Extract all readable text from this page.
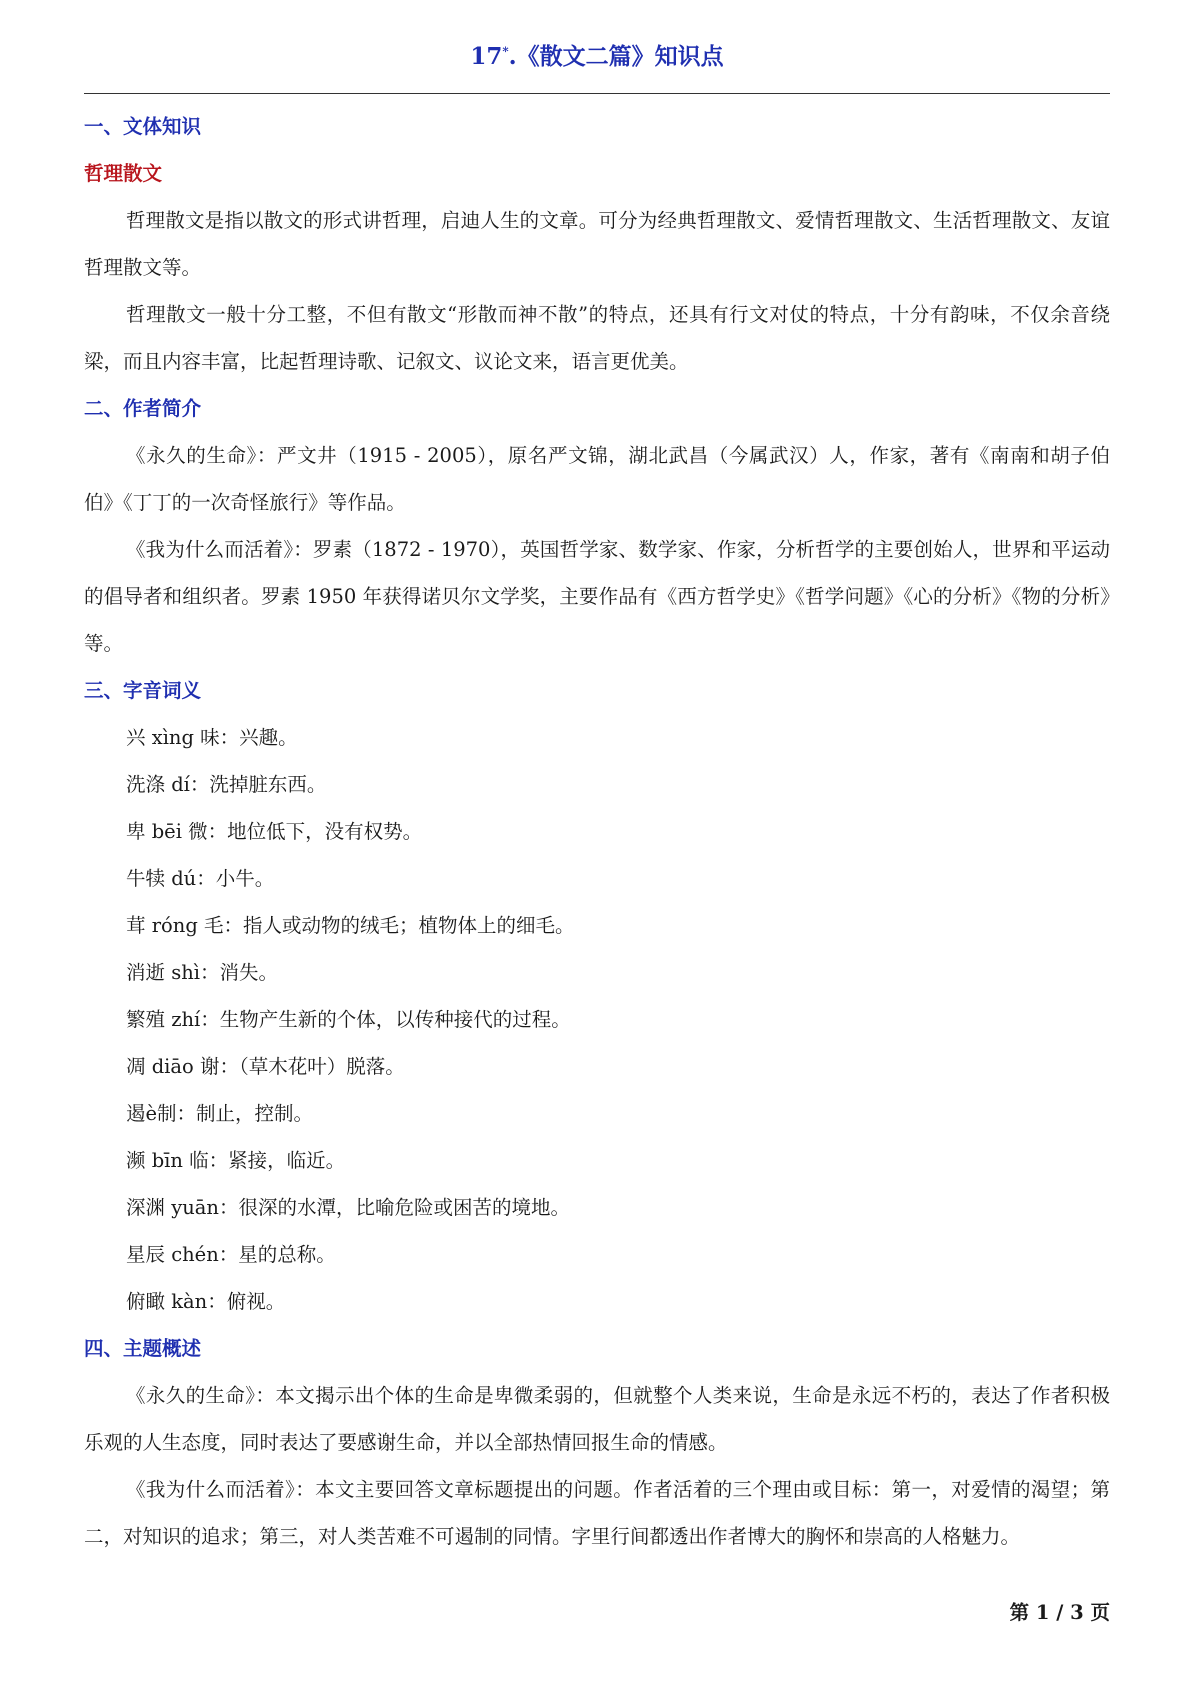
17*.《散文二篇》知识点
一、文体知识
哲理散文
哲理散文是指以散文的形式讲哲理，启迪人生的文章。可分为经典哲理散文、爱情哲理散文、生活哲理散文、友谊哲理散文等。
哲理散文一般十分工整，不但有散文“形散而神不散”的特点，还具有行文对仗的特点，十分有韵味，不仅余音绕梁，而且内容丰富，比起哲理诗歌、记叙文、议论文来，语言更优美。
二、作者简介
《永久的生命》：严文井（1915 - 2005），原名严文锦，湖北武昌（今属武汉）人，作家，著有《南南和胡子伯伯》《丁丁的一次奇怪旅行》等作品。
《我为什么而活着》：罗素（1872 - 1970），英国哲学家、数学家、作家，分析哲学的主要创始人，世界和平运动的倡导者和组织者。罗素 1950 年获得诺贝尔文学奖，主要作品有《西方哲学史》《哲学问题》《心的分析》《物的分析》等。
三、字音词义
兴 xìng 味：兴趣。
洗涤 dí：洗掉脏东西。
卑 bēi 微：地位低下，没有权势。
牛犊 dú：小牛。
茸 róng 毛：指人或动物的绒毛；植物体上的细毛。
消逝 shì：消失。
繁殖 zhí：生物产生新的个体，以传种接代的过程。
凋 diāo 谢：（草木花叶）脱落。
遏è制：制止，控制。
濒 bīn 临：紧接，临近。
深渊 yuān：很深的水潭，比喻危险或困苦的境地。
星辰 chén：星的总称。
俯瞰 kàn：俯视。
四、主题概述
《永久的生命》：本文揭示出个体的生命是卑微柔弱的，但就整个人类来说，生命是永远不朽的，表达了作者积极乐观的人生态度，同时表达了要感谢生命，并以全部热情回报生命的情感。
《我为什么而活着》：本文主要回答文章标题提出的问题。作者活着的三个理由或目标：第一，对爱情的渴望；第二，对知识的追求；第三，对人类苦难不可遏制的同情。字里行间都透出作者博大的胸怀和崇高的人格魅力。
第 1 / 3 页
